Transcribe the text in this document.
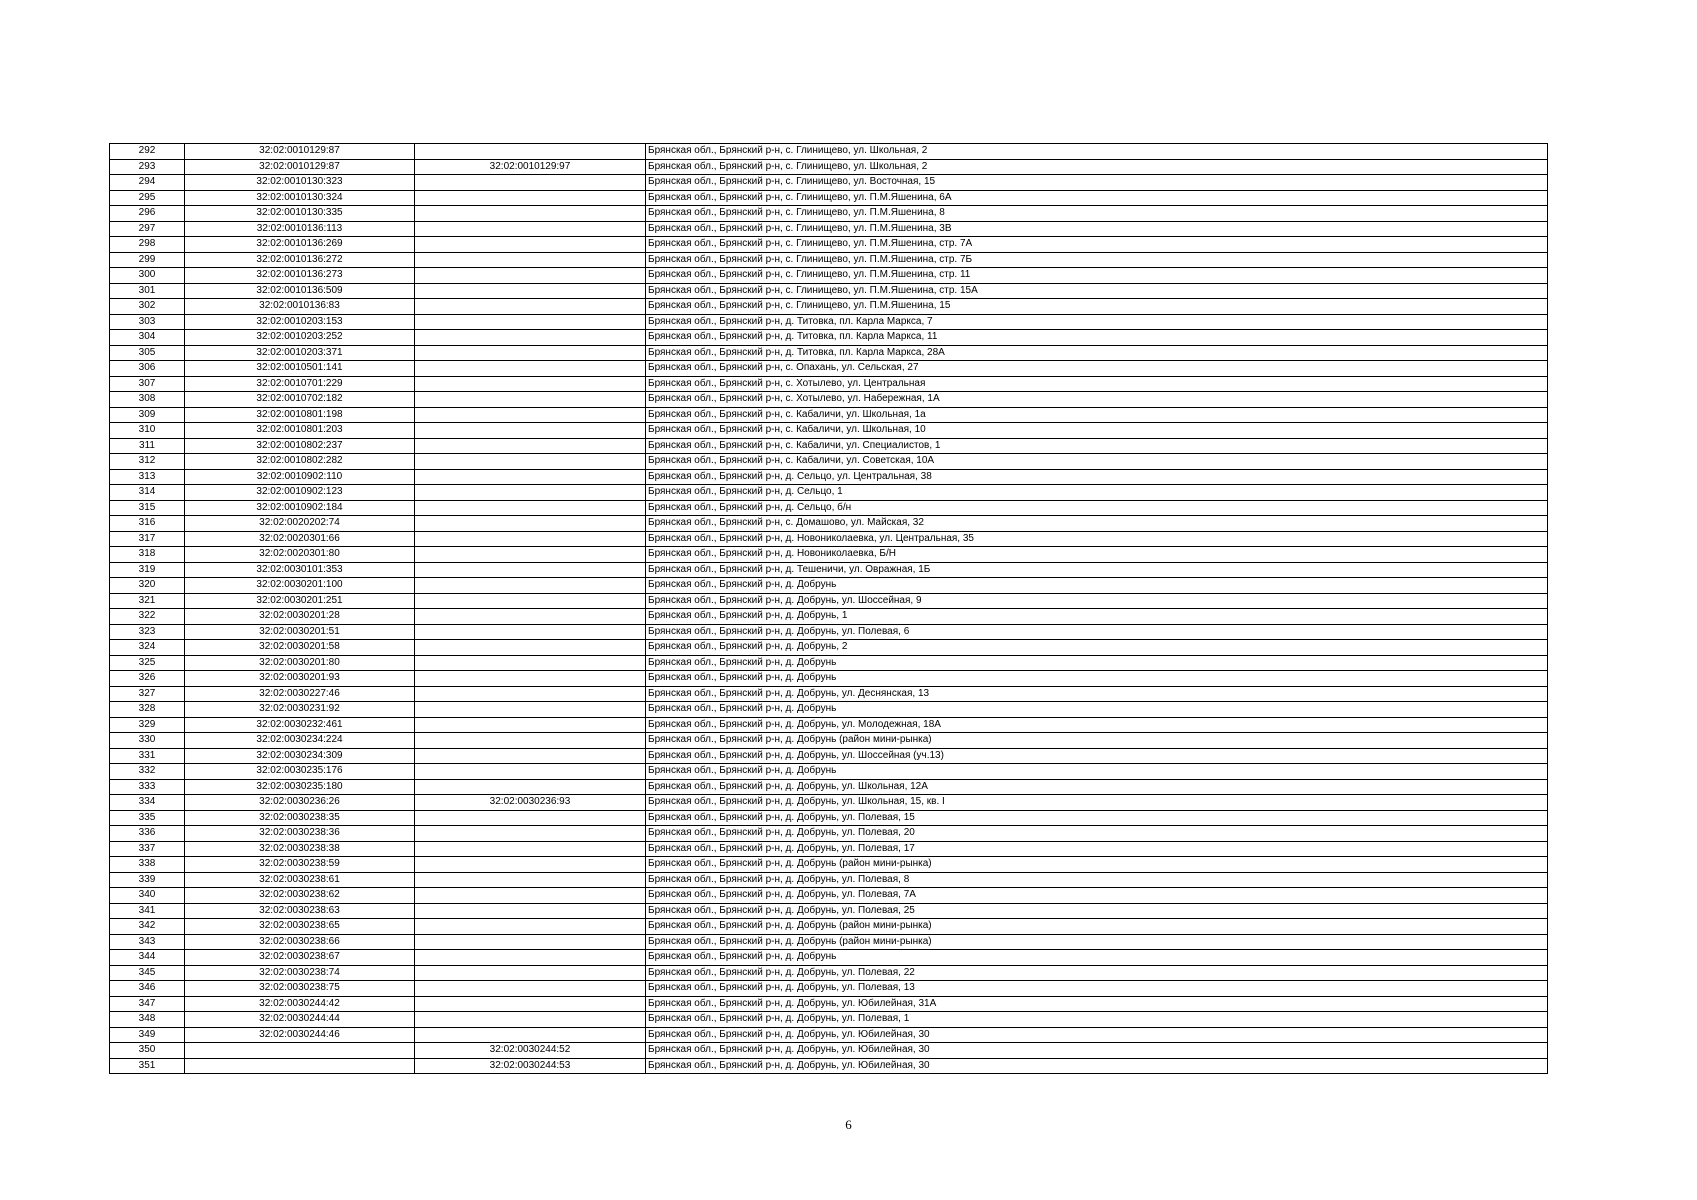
292	32:02:0010129:87		Брянская обл., Брянский р-н, с. Глинищево, ул. Школьная, 2
293	32:02:0010129:87	32:02:0010129:97	Брянская обл., Брянский р-н, с. Глинищево, ул. Школьная, 2
294	32:02:0010130:323		Брянская обл., Брянский р-н, с. Глинищево, ул. Восточная, 15
295	32:02:0010130:324		Брянская обл., Брянский р-н, с. Глинищево, ул. П.М.Яшенина, 6А
296	32:02:0010130:335		Брянская обл., Брянский р-н, с. Глинищево, ул. П.М.Яшенина, 8
297	32:02:0010136:113		Брянская обл., Брянский р-н, с. Глинищево, ул. П.М.Яшенина, 3В
298	32:02:0010136:269		Брянская обл., Брянский р-н, с. Глинищево, ул. П.М.Яшенина, стр. 7А
299	32:02:0010136:272		Брянская обл., Брянский р-н, с. Глинищево, ул. П.М.Яшенина, стр. 7Б
300	32:02:0010136:273		Брянская обл., Брянский р-н, с. Глинищево, ул. П.М.Яшенина, стр. 11
301	32:02:0010136:509		Брянская обл., Брянский р-н, с. Глинищево, ул. П.М.Яшенина, стр. 15А
302	32:02:0010136:83		Брянская обл., Брянский р-н, с. Глинищево, ул. П.М.Яшенина, 15
303	32:02:0010203:153		Брянская обл., Брянский р-н, д. Титовка, пл. Карла Маркса, 7
304	32:02:0010203:252		Брянская обл., Брянский р-н, д. Титовка, пл. Карла Маркса, 11
305	32:02:0010203:371		Брянская обл., Брянский р-н, д. Титовка, пл. Карла Маркса, 28А
306	32:02:0010501:141		Брянская обл., Брянский р-н, с. Опахань, ул. Сельская, 27
307	32:02:0010701:229		Брянская обл., Брянский р-н, с. Хотылево, ул. Центральная
308	32:02:0010702:182		Брянская обл., Брянский р-н, с. Хотылево, ул. Набережная, 1А
309	32:02:0010801:198		Брянская обл., Брянский р-н, с. Кабаличи, ул. Школьная, 1а
310	32:02:0010801:203		Брянская обл., Брянский р-н, с. Кабаличи, ул. Школьная, 10
311	32:02:0010802:237		Брянская обл., Брянский р-н, с. Кабаличи, ул. Специалистов, 1
312	32:02:0010802:282		Брянская обл., Брянский р-н, с. Кабаличи, ул. Советская, 10А
313	32:02:0010902:110		Брянская обл., Брянский р-н, д. Сельцо, ул. Центральная, 38
314	32:02:0010902:123		Брянская обл., Брянский р-н, д. Сельцо, 1
315	32:02:0010902:184		Брянская обл., Брянский р-н, д. Сельцо, б/н
316	32:02:0020202:74		Брянская обл., Брянский р-н, с. Домашово, ул. Майская, 32
317	32:02:0020301:66		Брянская обл., Брянский р-н, д. Новониколаевка, ул. Центральная, 35
318	32:02:0020301:80		Брянская обл., Брянский р-н, д. Новониколаевка, Б/Н
319	32:02:0030101:353		Брянская обл., Брянский р-н, д. Тешеничи, ул. Овражная, 1Б
320	32:02:0030201:100		Брянская обл., Брянский р-н, д. Добрунь
321	32:02:0030201:251		Брянская обл., Брянский р-н, д. Добрунь, ул. Шоссейная, 9
322	32:02:0030201:28		Брянская обл., Брянский р-н, д. Добрунь, 1
323	32:02:0030201:51		Брянская обл., Брянский р-н, д. Добрунь, ул. Полевая, 6
324	32:02:0030201:58		Брянская обл., Брянский р-н, д. Добрунь, 2
325	32:02:0030201:80		Брянская обл., Брянский р-н, д. Добрунь
326	32:02:0030201:93		Брянская обл., Брянский р-н, д. Добрунь
327	32:02:0030227:46		Брянская обл., Брянский р-н, д. Добрунь, ул. Деснянская, 13
328	32:02:0030231:92		Брянская обл., Брянский р-н, д. Добрунь
329	32:02:0030232:461		Брянская обл., Брянский р-н, д. Добрунь, ул. Молодежная, 18А
330	32:02:0030234:224		Брянская обл., Брянский р-н, д. Добрунь (район мини-рынка)
331	32:02:0030234:309		Брянская обл., Брянский р-н, д. Добрунь, ул. Шоссейная (уч.13)
332	32:02:0030235:176		Брянская обл., Брянский р-н, д. Добрунь
333	32:02:0030235:180		Брянская обл., Брянский р-н, д. Добрунь, ул. Школьная, 12А
334	32:02:0030236:26	32:02:0030236:93	Брянская обл., Брянский р-н, д. Добрунь, ул. Школьная, 15, кв. I
335	32:02:0030238:35		Брянская обл., Брянский р-н, д. Добрунь, ул. Полевая, 15
336	32:02:0030238:36		Брянская обл., Брянский р-н, д. Добрунь, ул. Полевая, 20
337	32:02:0030238:38		Брянская обл., Брянский р-н, д. Добрунь, ул. Полевая, 17
338	32:02:0030238:59		Брянская обл., Брянский р-н, д. Добрунь (район мини-рынка)
339	32:02:0030238:61		Брянская обл., Брянский р-н, д. Добрунь, ул. Полевая, 8
340	32:02:0030238:62		Брянская обл., Брянский р-н, д. Добрунь, ул. Полевая, 7А
341	32:02:0030238:63		Брянская обл., Брянский р-н, д. Добрунь, ул. Полевая, 25
342	32:02:0030238:65		Брянская обл., Брянский р-н, д. Добрунь (район мини-рынка)
343	32:02:0030238:66		Брянская обл., Брянский р-н, д. Добрунь (район мини-рынка)
344	32:02:0030238:67		Брянская обл., Брянский р-н, д. Добрунь
345	32:02:0030238:74		Брянская обл., Брянский р-н, д. Добрунь, ул. Полевая, 22
346	32:02:0030238:75		Брянская обл., Брянский р-н, д. Добрунь, ул. Полевая, 13
347	32:02:0030244:42		Брянская обл., Брянский р-н, д. Добрунь, ул. Юбилейная, 31А
348	32:02:0030244:44		Брянская обл., Брянский р-н, д. Добрунь, ул. Полевая, 1
349	32:02:0030244:46		Брянская обл., Брянский р-н, д. Добрунь, ул. Юбилейная, 30
350		32:02:0030244:52	Брянская обл., Брянский р-н, д. Добрунь, ул. Юбилейная, 30
351		32:02:0030244:53	Брянская обл., Брянский р-н, д. Добрунь, ул. Юбилейная, 30
6
